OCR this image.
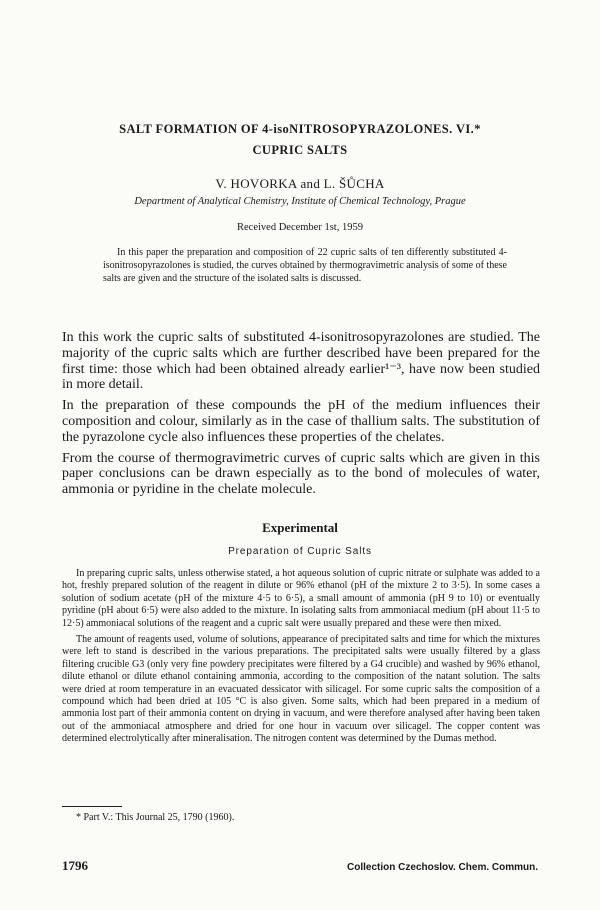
SALT FORMATION OF 4-isoNITROSOPYRAZOLONES. VI.*
CUPRIC SALTS
V. HOVORKA and L. ŠŮCHA
Department of Analytical Chemistry, Institute of Chemical Technology, Prague
Received December 1st, 1959
In this paper the preparation and composition of 22 cupric salts of ten differently substituted 4-isonitrosopyrazolones is studied, the curves obtained by thermogravimetric analysis of some of these salts are given and the structure of the isolated salts is discussed.

In this work the cupric salts of substituted 4-isonitrosopyrazolones are studied. The majority of the cupric salts which are further described have been prepared for the first time: those which had been obtained already earlier¹⁻³, have now been studied in more detail.

In the preparation of these compounds the pH of the medium influences their composition and colour, similarly as in the case of thallium salts. The substitution of the pyrazolone cycle also influences these properties of the chelates.

From the course of thermogravimetric curves of cupric salts which are given in this paper conclusions can be drawn especially as to the bond of molecules of water, ammonia or pyridine in the chelate molecule.

Experimental
Preparation of Cupric Salts

In preparing cupric salts, unless otherwise stated, a hot aqueous solution of cupric nitrate or sulphate was added to a hot, freshly prepared solution of the reagent in dilute or 96% ethanol (pH of the mixture 2 to 3·5). In some cases a solution of sodium acetate (pH of the mixture 4·5 to 6·5), a small amount of ammonia (pH 9 to 10) or eventually pyridine (pH about 6·5) were also added to the mixture. In isolating salts from ammoniacal medium (pH about 11·5 to 12·5) ammoniacal solutions of the reagent and a cupric salt were usually prepared and these were then mixed.

The amount of reagents used, volume of solutions, appearance of precipitated salts and time for which the mixtures were left to stand is described in the various preparations. The precipitated salts were usually filtered by a glass filtering crucible G3 (only very fine powdery precipitates were filtered by a G4 crucible) and washed by 96% ethanol, dilute ethanol or dilute ethanol containing ammonia, according to the composition of the natant solution. The salts were dried at room temperature in an evacuated dessicator with silicagel. For some cupric salts the composition of a compound which had been dried at 105 °C is also given. Some salts, which had been prepared in a medium of ammonia lost part of their ammonia content on drying in vacuum, and were therefore analysed after having been taken out of the ammoniacal atmosphere and dried for one hour in vacuum over silicagel. The copper content was determined electrolytically after mineralisation. The nitrogen content was determined by the Dumas method.

* Part V.: This Journal 25, 1790 (1960).
1796	Collection Czechoslov. Chem. Commun.
